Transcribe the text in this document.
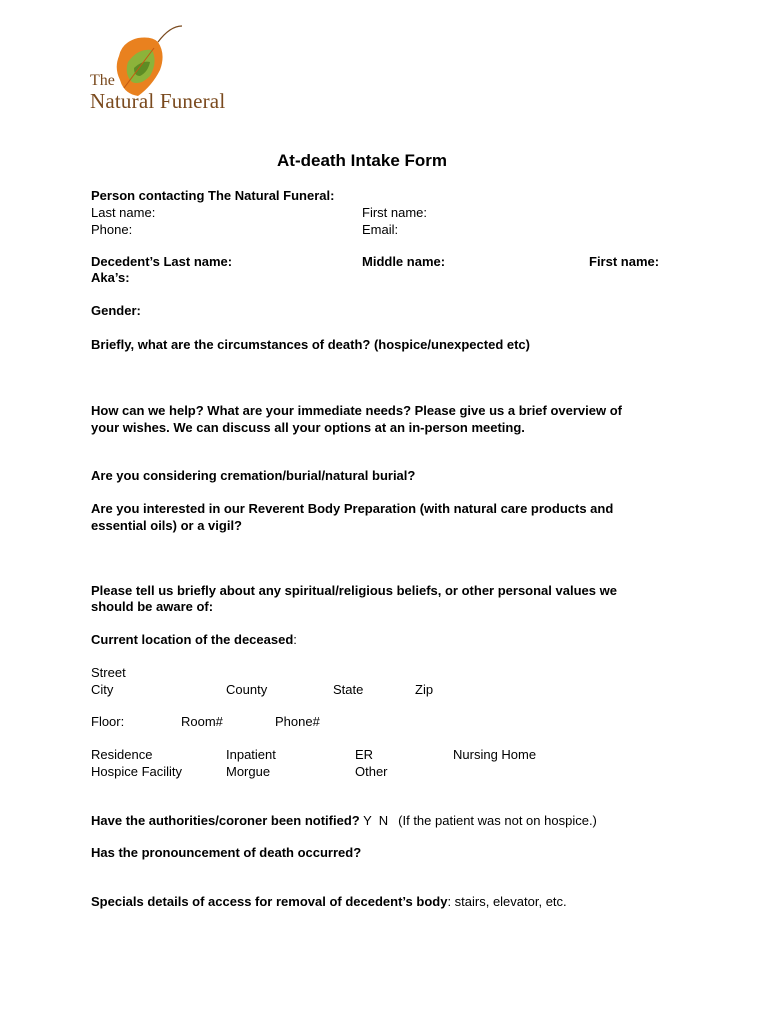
The
Natural Funeral
At-death Intake Form
Person contacting The Natural Funeral:
Last name:	First name:
Phone:	Email:
Decedent’s Last name:	Middle name:	First name:
Aka’s:
Gender:
Briefly, what are the circumstances of death? (hospice/unexpected etc)
How can we help? What are your immediate needs? Please give us a brief overview of
your wishes. We can discuss all your options at an in-person meeting.
Are you considering cremation/burial/natural burial?
Are you interested in our Reverent Body Preparation (with natural care products and
essential oils) or a vigil?
Please tell us briefly about any spiritual/religious beliefs, or other personal values we
should be aware of:
Current location of the deceased:
Street
City	County	State	Zip
Floor:	Room#	Phone#
Residence	Inpatient	ER	Nursing Home
Hospice Facility	Morgue	Other
Have the authorities/coroner been notified? Y  N (If the patient was not on hospice.)
Has the pronouncement of death occurred?
Specials details of access for removal of decedent’s body: stairs, elevator, etc.
